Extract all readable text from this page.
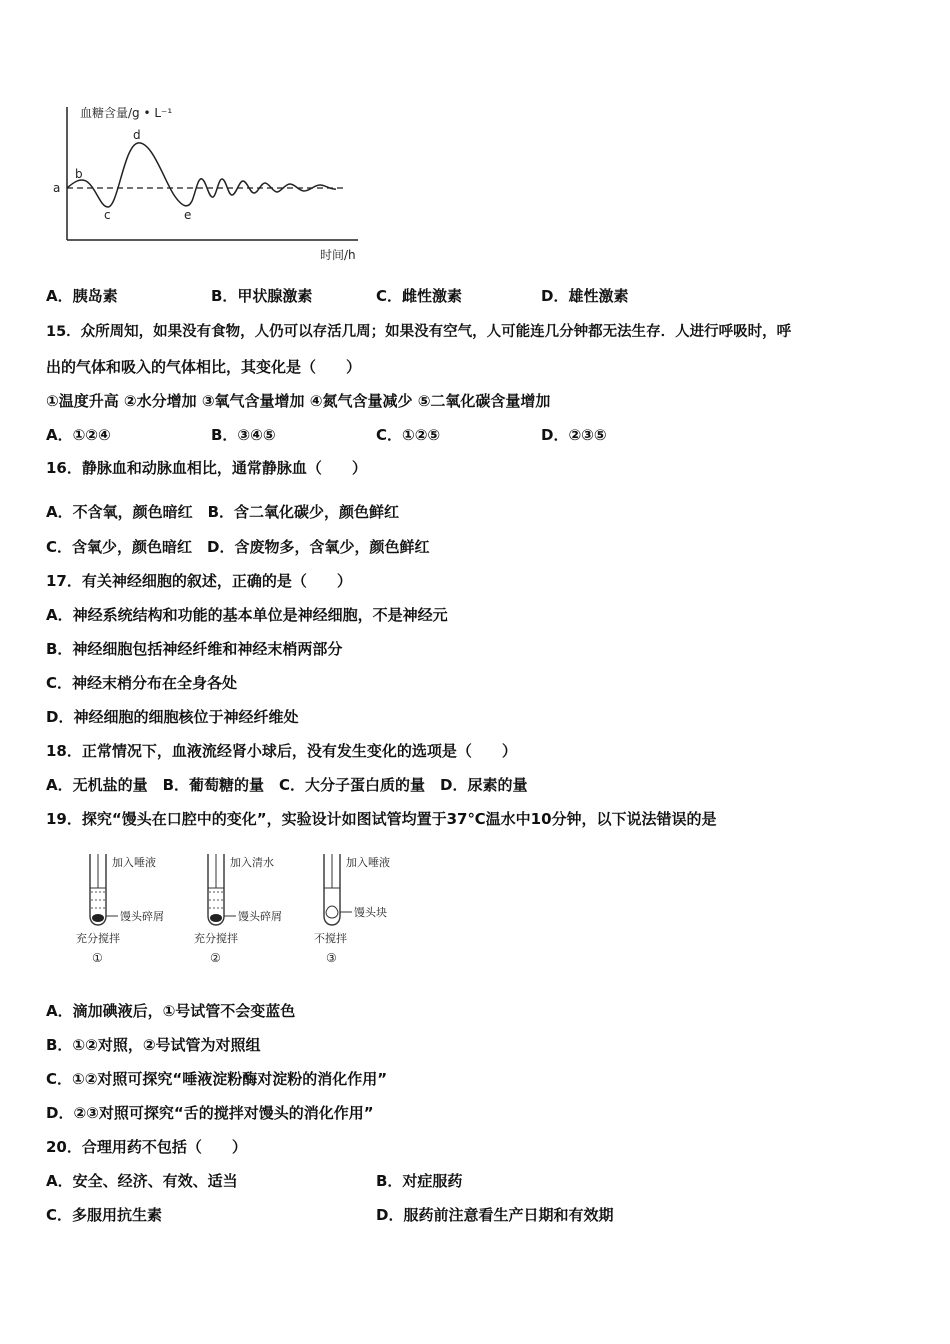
血糖含量/g • L⁻¹
时间/h
a
b
c
d
e
A．胰岛素	B．甲状腺激素	C．雌性激素	D．雄性激素
15．众所周知，如果没有食物，人仍可以存活几周；如果没有空气，人可能连几分钟都无法生存．人进行呼吸时，呼
出的气体和吸入的气体相比，其变化是（　　）
①温度升高 ②水分增加 ③氧气含量增加 ④氮气含量减少 ⑤二氧化碳含量增加
A．①②④	B．③④⑤	C．①②⑤	D．②③⑤
16．静脉血和动脉血相比，通常静脉血（　　）
A．不含氧，颜色暗红　B．含二氧化碳少，颜色鲜红
C．含氧少，颜色暗红　D．含废物多，含氧少，颜色鲜红
17．有关神经细胞的叙述，正确的是（　　）
A．神经系统结构和功能的基本单位是神经细胞，不是神经元
B．神经细胞包括神经纤维和神经末梢两部分
C．神经末梢分布在全身各处
D．神经细胞的细胞核位于神经纤维处
18．正常情况下，血液流经肾小球后，没有发生变化的选项是（　　）
A．无机盐的量　B．葡萄糖的量　C．大分子蛋白质的量　D．尿素的量
19．探究“馒头在口腔中的变化”，实验设计如图试管均置于37℃温水中10分钟，以下说法错误的是
加入唾液
馒头碎屑
充分搅拌
①
加入清水
馒头碎屑
充分搅拌
②
加入唾液
馒头块
不搅拌
③
A．滴加碘液后，①号试管不会变蓝色
B．①②对照，②号试管为对照组
C．①②对照可探究“唾液淀粉酶对淀粉的消化作用”
D．②③对照可探究“舌的搅拌对馒头的消化作用”
20．合理用药不包括（　　）
A．安全、经济、有效、适当	B．对症服药
C．多服用抗生素	D．服药前注意看生产日期和有效期
